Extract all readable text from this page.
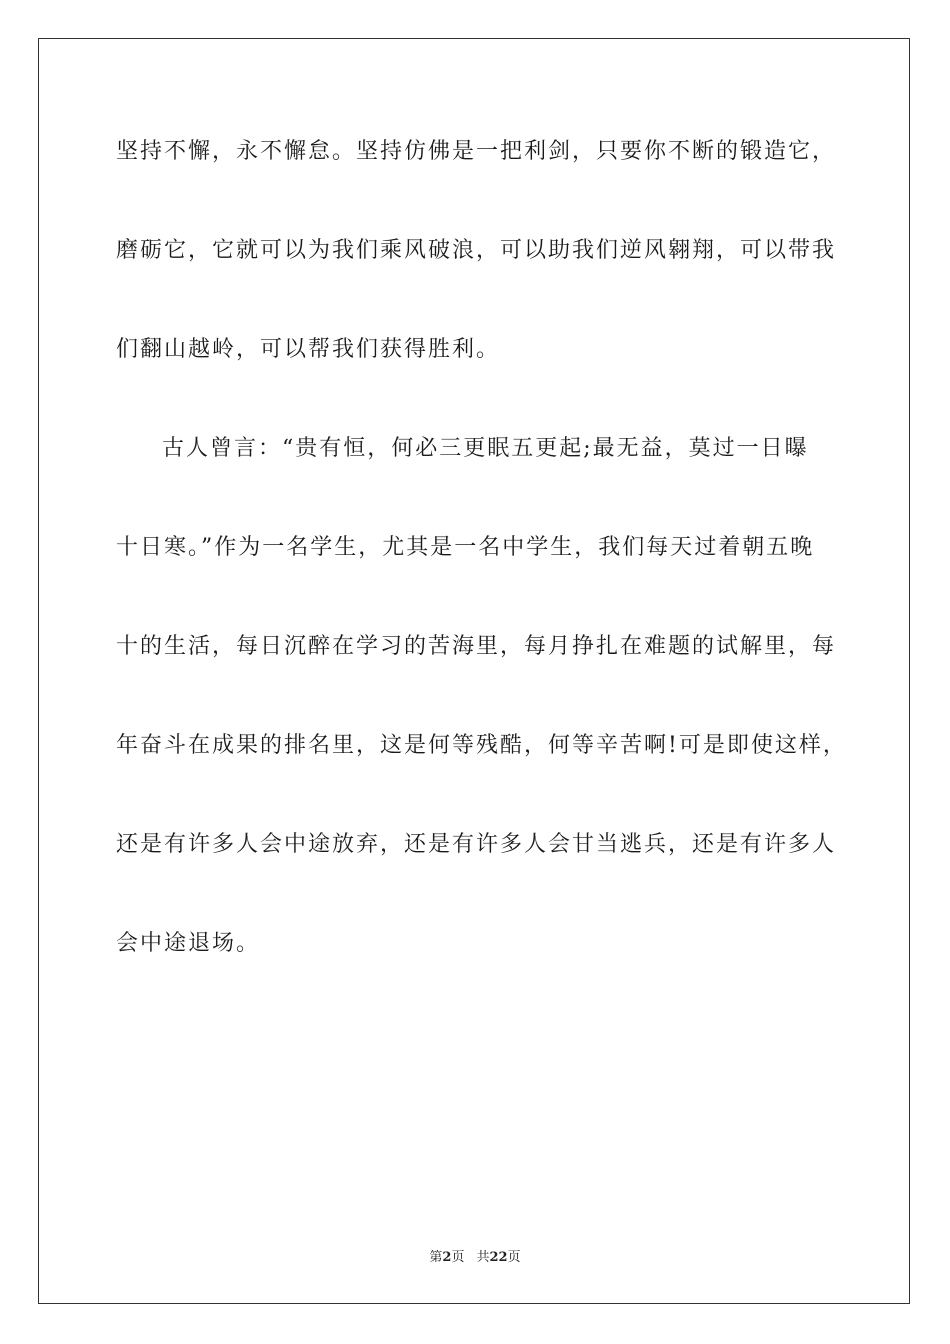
坚持不懈，永不懈怠。坚持仿佛是一把利剑，只要你不断的锻造它，
磨砺它，它就可以为我们乘风破浪，可以助我们逆风翱翔，可以带我
们翻山越岭，可以帮我们获得胜利。

古人曾言：“贵有恒，何必三更眠五更起;最无益，莫过一日曝
十日寒。”作为一名学生，尤其是一名中学生，我们每天过着朝五晚
十的生活，每日沉醉在学习的苦海里，每月挣扎在难题的试解里，每
年奋斗在成果的排名里，这是何等残酷，何等辛苦啊!可是即使这样，
还是有许多人会中途放弃，还是有许多人会甘当逃兵，还是有许多人
会中途退场。

第2页 共22页
